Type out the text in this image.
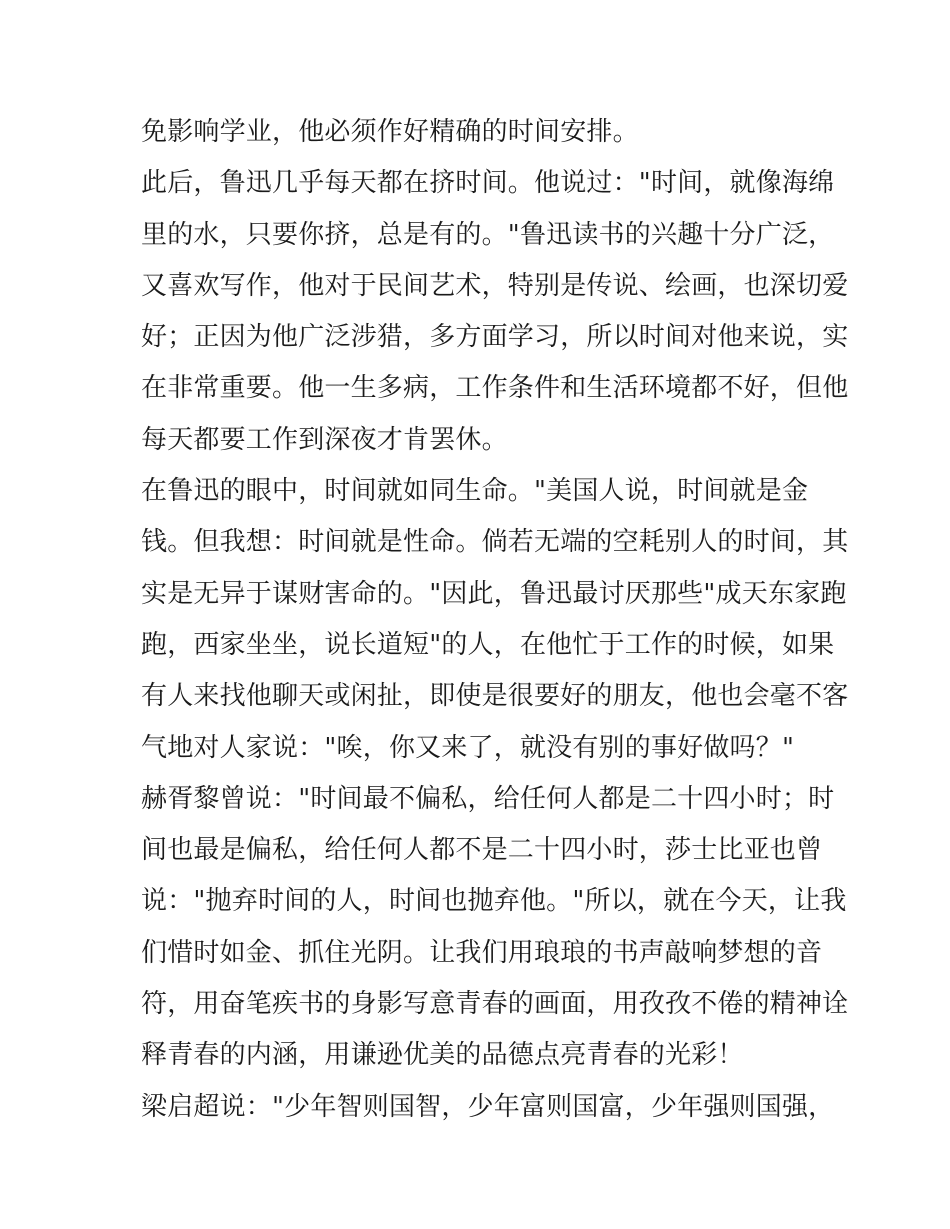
免影响学业，他必须作好精确的时间安排。
此后，鲁迅几乎每天都在挤时间。他说过："时间，就像海绵
里的水，只要你挤，总是有的。"鲁迅读书的兴趣十分广泛，
又喜欢写作，他对于民间艺术，特别是传说、绘画，也深切爱
好；正因为他广泛涉猎，多方面学习，所以时间对他来说，实
在非常重要。他一生多病，工作条件和生活环境都不好，但他
每天都要工作到深夜才肯罢休。
在鲁迅的眼中，时间就如同生命。"美国人说，时间就是金
钱。但我想：时间就是性命。倘若无端的空耗别人的时间，其
实是无异于谋财害命的。"因此，鲁迅最讨厌那些"成天东家跑
跑，西家坐坐，说长道短"的人，在他忙于工作的时候，如果
有人来找他聊天或闲扯，即使是很要好的朋友，他也会毫不客
气地对人家说："唉，你又来了，就没有别的事好做吗？"
赫胥黎曾说："时间最不偏私，给任何人都是二十四小时；时
间也最是偏私，给任何人都不是二十四小时，莎士比亚也曾
说："抛弃时间的人，时间也抛弃他。"所以，就在今天，让我
们惜时如金、抓住光阴。让我们用琅琅的书声敲响梦想的音
符，用奋笔疾书的身影写意青春的画面，用孜孜不倦的精神诠
释青春的内涵，用谦逊优美的品德点亮青春的光彩！
梁启超说："少年智则国智，少年富则国富，少年强则国强，
